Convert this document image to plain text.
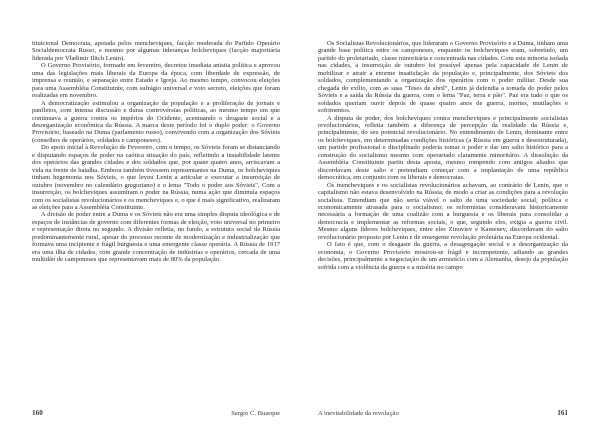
tituicional Democrata, apoiada pelos mencheviques, facção moderada do Partido Operário Socialdemocrata Russo, e mesmo por algumas lideranças bolcheviques (facção majoritária liderada por Vladimir Ilitch Lenin).

O Governo Provisório, formado em fevereiro, decretou imediata anistia política e aprovou uma das legislações mais liberais da Europa da época, com liberdade de expressão, de imprensa e reunião, e separação entre Estado e Igreja. Ao mesmo tempo, convocou eleições para uma Assembléia Constituinte, com sufrágio universal e voto secreto, eleições que foram realizadas em novembro.

A democratização estimulou a organização da população e a proliferação de jornais e panfletos, com intensa discussão e duras controvérsias políticas, ao mesmo tempo em que continuava a guerra contra os impérios do Ocidente, acentuando o desgaste social e a desorganização econômica da Rússia. A marca deste período foi o duplo poder: o Governo Provisório, baseado na Duma (parlamento russo), convivendo com a organização dos Sóviets (conselhos de operários, soldados e camponeses).

Do apoio inicial à Revolução de Fevereiro, com o tempo, os Sóviets foram se distanciando e disputando espaços de poder na caótica situação do país, refletindo a instabilidade latente dos operários das grandes cidades e dos soldados que, por quase quatro anos, arriscavam a vida na frente de batalha. Embora também tivessem representantes na Duma, os bolcheviques tinham hegemonia nos Sóviets, o que levou Lenin a articular e executar a insurreição de outubro (novembro no calendário gregoriano) e o lema "Todo o poder aos Sóviets". Com a insurreição, os bolcheviques assumiram o poder na Rússia, numa ação que diminuía espaços com os socialistas revolucionários e os mencheviques e, o que é mais significativo, realizaram as eleições para a Assembléia Constituinte.

A divisão de poder entre a Duma e os Sóviets não era uma simples disputa ideológica e de espaços de instâncias de governo com diferentes formas de eleição, voto universal no primeiro e representação direta no segundo. A divisão refletia, no fundo, a estrutura social da Rússia predominantemente rural, apesar do processo recente de modernização e industrialização que formava uma incipiente e frágil burguesia e uma emergente classe operária. A Rússia de 1917 era uma ilha de cidades, com grande concentração de indústrias e operários, cercada de uma multidão de camponeses que representavam mais de 80% da população.

160	Sergio C. Buarque

Os Socialistas Revolucionários, que lideraram o Governo Provisório e a Duma, tinham uma grande base política entre os camponeses, enquanto os bolcheviques eram, sobretudo, um partido do proletariado, classe minoritária e concentrada nas cidades. Com esta minoria isolada nas cidades, a insurreição de outubro foi possível apenas pela capacidade de Lenin de mobilizar e atrair a enorme insatisfação da população e, principalmente, dos Sóviets dos soldados, complementando a organização dos operários com o poder militar. Desde sua chegada do exílio, com as suas "Teses de abril", Lenin já defendia a tomada do poder pelos Sóviets e a saída da Rússia da guerra, com o lema "Paz, terra e pão". Paz era tudo o que os soldados queriam ouvir depois de quase quatro anos de guerra, mortes, mutilações e sofrimentos.

A disputa de poder, dos bolcheviques contra mencheviques e principalmente socialistas revolucionários, refletia também a diferença de percepção da realidade da Rússia e, principalmente, do seu potencial revolucionário. No entendimento de Lenin, dominante entre os bolcheviques, em determinadas condições históricas (a Rússia em guerra e desestruturada), um partido profissional e disciplinado poderia tomar o poder e dar um salto histórico para a construção do socialismo mesmo com operariado claramente minoritário. A dissolução da Assembléia Constituinte partiu desta aposta, mesmo rompendo com antigos aliados que discordavam deste salto e pretendiam começar com a implantação de uma república democrática, em conjunto com os liberais e democratas.

Os mencheviques e os socialistas revolucionários achavam, ao contrário de Lenin, que o capitalismo não estava desenvolvido na Rússia, de modo a criar as condições para a revolução socialista. Entendiam que não seria viável o salto de uma sociedade social, política e economicamente atrasada para o socialismo; os reformistas consideravam historicamente necessária a formação de uma coalizão com a burguesia e os liberais para consolidar a democracia e implementar as reformas sociais, o que, segundo eles, exigia a guerra civil. Mesmo alguns líderes bolcheviques, entre eles Zinoviev e Kamenev, discordavam do salto revolucionário proposto por Lenin e de emergente revolução proletária na Europa ocidental.

O fato é que, com o desgaste da guerra, a desagregação social e a desorganização da economia, o Governo Provisório mostrou-se frágil e incompetente, adiando as grandes decisões, principalmente a negociação de um armistício com a Alemanha, desejo da população sofrida com a violência da guerra e a miséria no campo

A inevitabilidade da revolução	161
